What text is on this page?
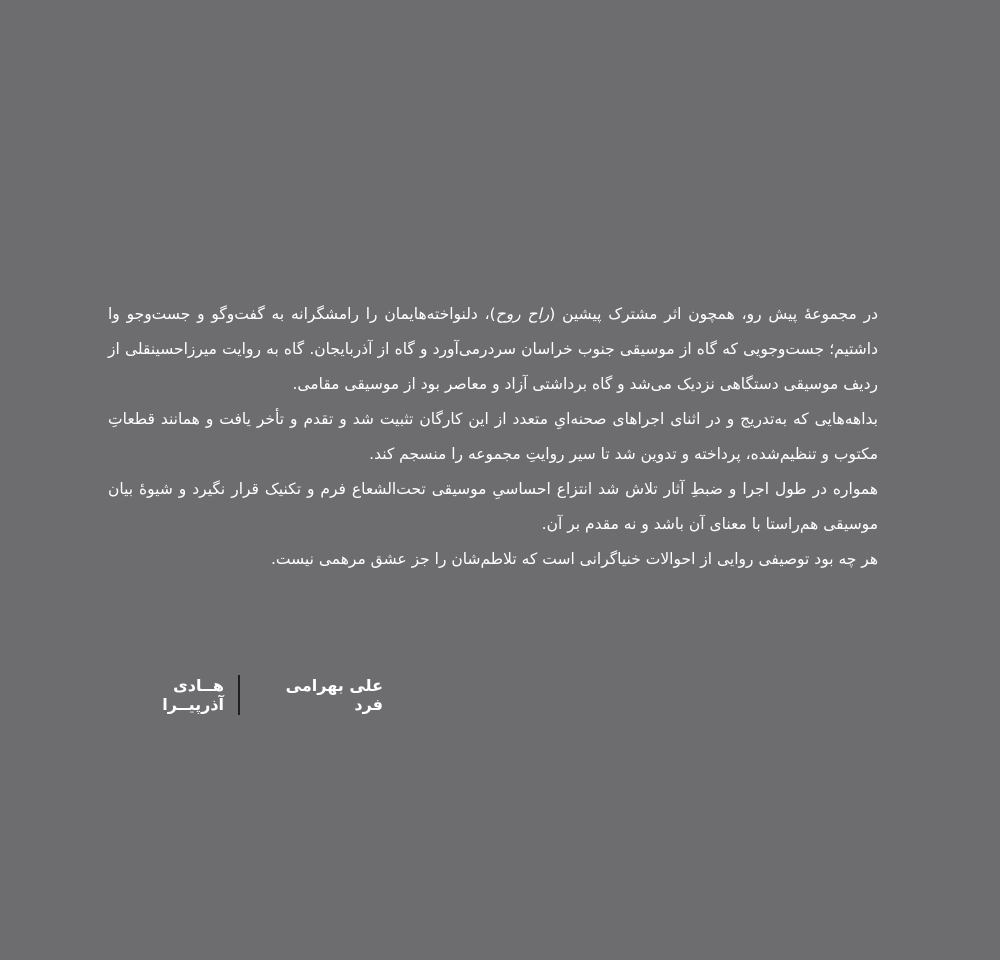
در مجموعۀ پیش رو، همچون اثر مشترک پیشین (راح روح)، دلنواخته‌هایمان را رامشگرانه به گفت‌وگو و جست‌وجو وا داشتیم؛ جست‌وجویی که گاه از موسیقی جنوب خراسان سردرمی‌آورد و گاه از آذربایجان. گاه به روایت میرزاحسینقلی از ردیف موسیقی دستگاهی نزدیک می‌شد و گاه برداشتی آزاد و معاصر بود از موسیقی مقامی.

بداهه‌هایی که به‌تدریج و در اثنای اجراهای صحنه‌ایِ متعدد از این کارگان تثبیت شد و تقدم و تأخر یافت و همانند قطعاتِ مکتوب و تنظیم‌شده، پرداخته و تدوین شد تا سیر روایتِ مجموعه را منسجم کند.

همواره در طول اجرا و ضبطِ آثار تلاش شد انتزاع احساسیِ موسیقی تحت‌الشعاع فرم و تکنیک قرار نگیرد و شیوۀ بیان موسیقی هم‌راستا با معنای آن باشد و نه مقدم بر آن.

هر چه بود توصیفی روایی از احوالات خنیاگرانی است که تلاطم‌شان را جز عشق مرهمی نیست.

علی بهرامی فرد
هــادی آذرپیــرا
